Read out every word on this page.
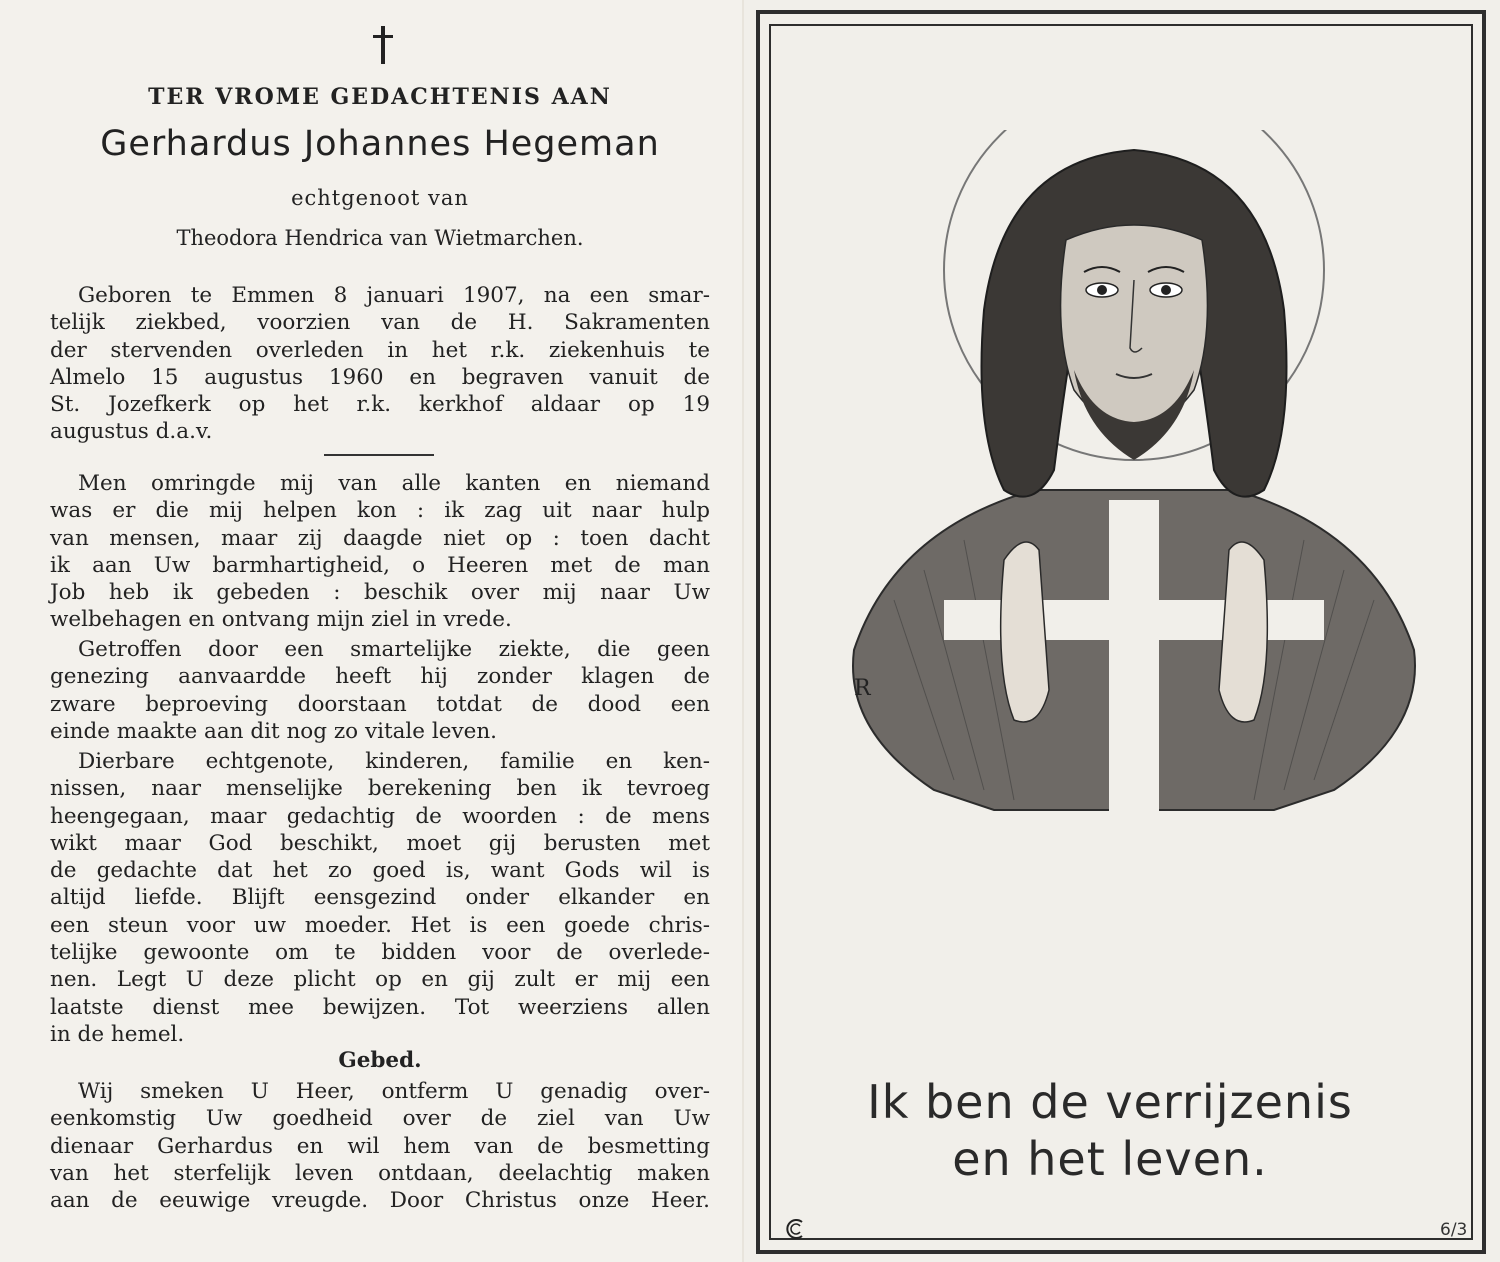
TER VROME GEDACHTENIS AAN
Gerhardus Johannes Hegeman
echtgenoot van
Theodora Hendrica van Wietmarchen.
Geboren te Emmen 8 januari 1907, na een smar-
telijk ziekbed, voorzien van de H. Sakramenten
der stervenden overleden in het r.k. ziekenhuis te
Almelo 15 augustus 1960 en begraven vanuit de
St. Jozefkerk op het r.k. kerkhof aldaar op 19
augustus d.a.v.
Men omringde mij van alle kanten en niemand
was er die mij helpen kon : ik zag uit naar hulp
van mensen, maar zij daagde niet op : toen dacht
ik aan Uw barmhartigheid, o Heeren met de man
Job heb ik gebeden : beschik over mij naar Uw
welbehagen en ontvang mijn ziel in vrede.
Getroffen door een smartelijke ziekte, die geen
genezing aanvaardde heeft hij zonder klagen de
zware beproeving doorstaan totdat de dood een
einde maakte aan dit nog zo vitale leven.
Dierbare echtgenote, kinderen, familie en ken-
nissen, naar menselijke berekening ben ik tevroeg
heengegaan, maar gedachtig de woorden : de mens
wikt maar God beschikt, moet gij berusten met
de gedachte dat het zo goed is, want Gods wil is
altijd liefde. Blijft eensgezind onder elkander en
een steun voor uw moeder. Het is een goede chris-
telijke gewoonte om te bidden voor de overlede-
nen. Legt U deze plicht op en gij zult er mij een
laatste dienst mee bewijzen. Tot weerziens allen
in de hemel.
Gebed.
Wij smeken U Heer, ontferm U genadig over-
eenkomstig Uw goedheid over de ziel van Uw
dienaar Gerhardus en wil hem van de besmetting
van het sterfelijk leven ontdaan, deelachtig maken
aan de eeuwige vreugde. Door Christus onze Heer.
R
Ik ben de verrijzenis
en het leven.
6/3
